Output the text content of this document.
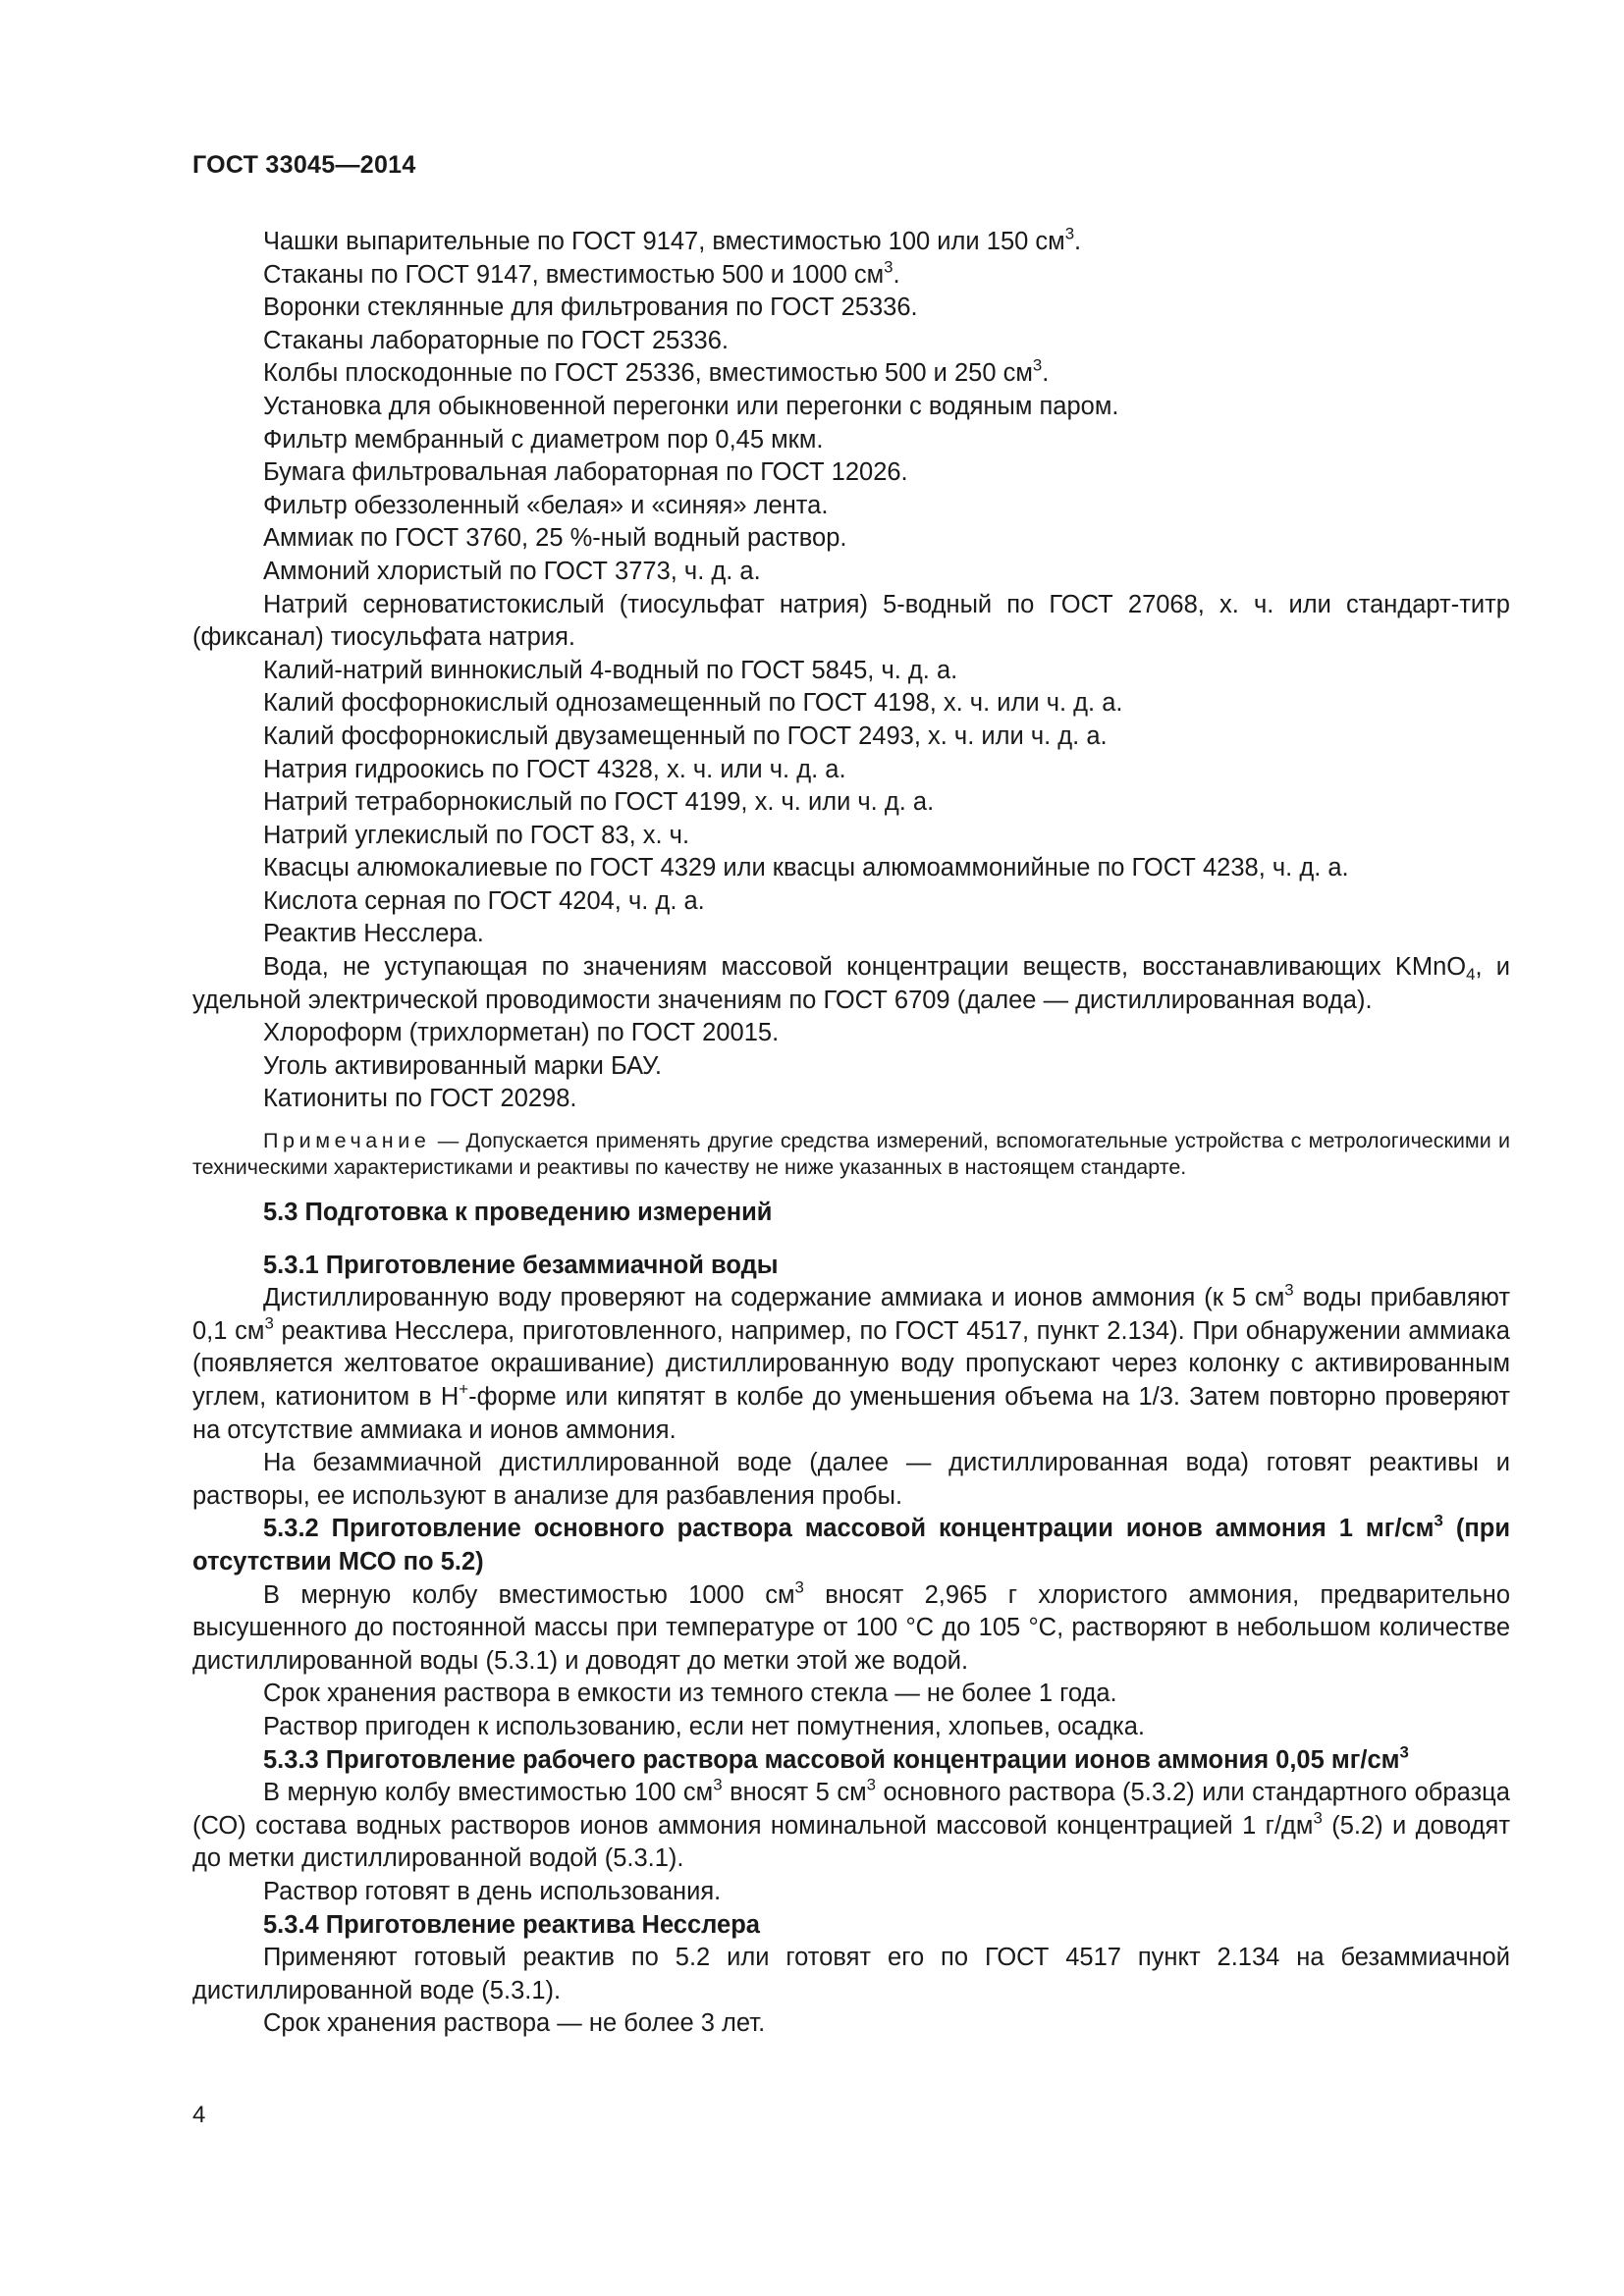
ГОСТ 33045—2014
Чашки выпарительные по ГОСТ 9147, вместимостью 100 или 150 $см^3$.
Стаканы по ГОСТ 9147, вместимостью 500 и 1000 $см^3$.
Воронки стеклянные для фильтрования по ГОСТ 25336.
Стаканы лабораторные по ГОСТ 25336.
Колбы плоскодонные по ГОСТ 25336, вместимостью 500 и 250 $см^3$.
Установка для обыкновенной перегонки или перегонки с водяным паром.
Фильтр мембранный с диаметром пор 0,45 мкм.
Бумага фильтровальная лабораторная по ГОСТ 12026.
Фильтр обеззоленный «белая» и «синяя» лента.
Аммиак по ГОСТ 3760, 25 %-ный водный раствор.
Аммоний хлористый по ГОСТ 3773, ч. д. а.
Натрий серноватистокислый (тиосульфат натрия) 5-водный по ГОСТ 27068, х. ч. или стандарт-титр (фиксанал) тиосульфата натрия.
Калий-натрий виннокислый 4-водный по ГОСТ 5845, ч. д. а.
Калий фосфорнокислый однозамещенный по ГОСТ 4198, х. ч. или ч. д. а.
Калий фосфорнокислый двузамещенный по ГОСТ 2493, х. ч. или ч. д. а.
Натрия гидроокись по ГОСТ 4328, х. ч. или ч. д. а.
Натрий тетраборнокислый по ГОСТ 4199, х. ч. или ч. д. а.
Натрий углекислый по ГОСТ 83, х. ч.
Квасцы алюмокалиевые по ГОСТ 4329 или квасцы алюмоаммонийные по ГОСТ 4238, ч. д. а.
Кислота серная по ГОСТ 4204, ч. д. а.
Реактив Несслера.
Вода, не уступающая по значениям массовой концентрации веществ, восстанавливающих KMnO$_4$, и удельной электрической проводимости значениям по ГОСТ 6709 (далее — дистиллированная вода).
Хлороформ (трихлорметан) по ГОСТ 20015.
Уголь активированный марки БАУ.
Катиониты по ГОСТ 20298.
Примечание — Допускается применять другие средства измерений, вспомогательные устройства с метрологическими и техническими характеристиками и реактивы по качеству не ниже указанных в настоящем стандарте.
5.3 Подготовка к проведению измерений
5.3.1 Приготовление безаммиачной воды
Дистиллированную воду проверяют на содержание аммиака и ионов аммония (к 5 $см^3$ воды прибавляют 0,1 $см^3$ реактива Несслера, приготовленного, например, по ГОСТ 4517, пункт 2.134). При обнаружении аммиака (появляется желтоватое окрашивание) дистиллированную воду пропускают через колонку с активированным углем, катионитом в Н+-форме или кипятят в колбе до уменьшения объема на 1/3. Затем повторно проверяют на отсутствие аммиака и ионов аммония.
На безаммиачной дистиллированной воде (далее — дистиллированная вода) готовят реактивы и растворы, ее используют в анализе для разбавления пробы.
5.3.2 Приготовление основного раствора массовой концентрации ионов аммония 1 $мг/см^3$ (при отсутствии МСО по 5.2)
В мерную колбу вместимостью 1000 $см^3$ вносят 2,965 г хлористого аммония, предварительно высушенного до постоянной массы при температуре от 100 °С до 105 °С, растворяют в небольшом количестве дистиллированной воды (5.3.1) и доводят до метки этой же водой.
Срок хранения раствора в емкости из темного стекла — не более 1 года.
Раствор пригоден к использованию, если нет помутнения, хлопьев, осадка.
5.3.3 Приготовление рабочего раствора массовой концентрации ионов аммония 0,05 $мг/см^3$
В мерную колбу вместимостью 100 $см^3$ вносят 5 $см^3$ основного раствора (5.3.2) или стандартного образца (СО) состава водных растворов ионов аммония номинальной массовой концентрацией 1 $г/дм^3$ (5.2) и доводят до метки дистиллированной водой (5.3.1).
Раствор готовят в день использования.
5.3.4 Приготовление реактива Несслера
Применяют готовый реактив по 5.2 или готовят его по ГОСТ 4517 пункт 2.134 на безаммиачной дистиллированной воде (5.3.1).
Срок хранения раствора — не более 3 лет.
4
